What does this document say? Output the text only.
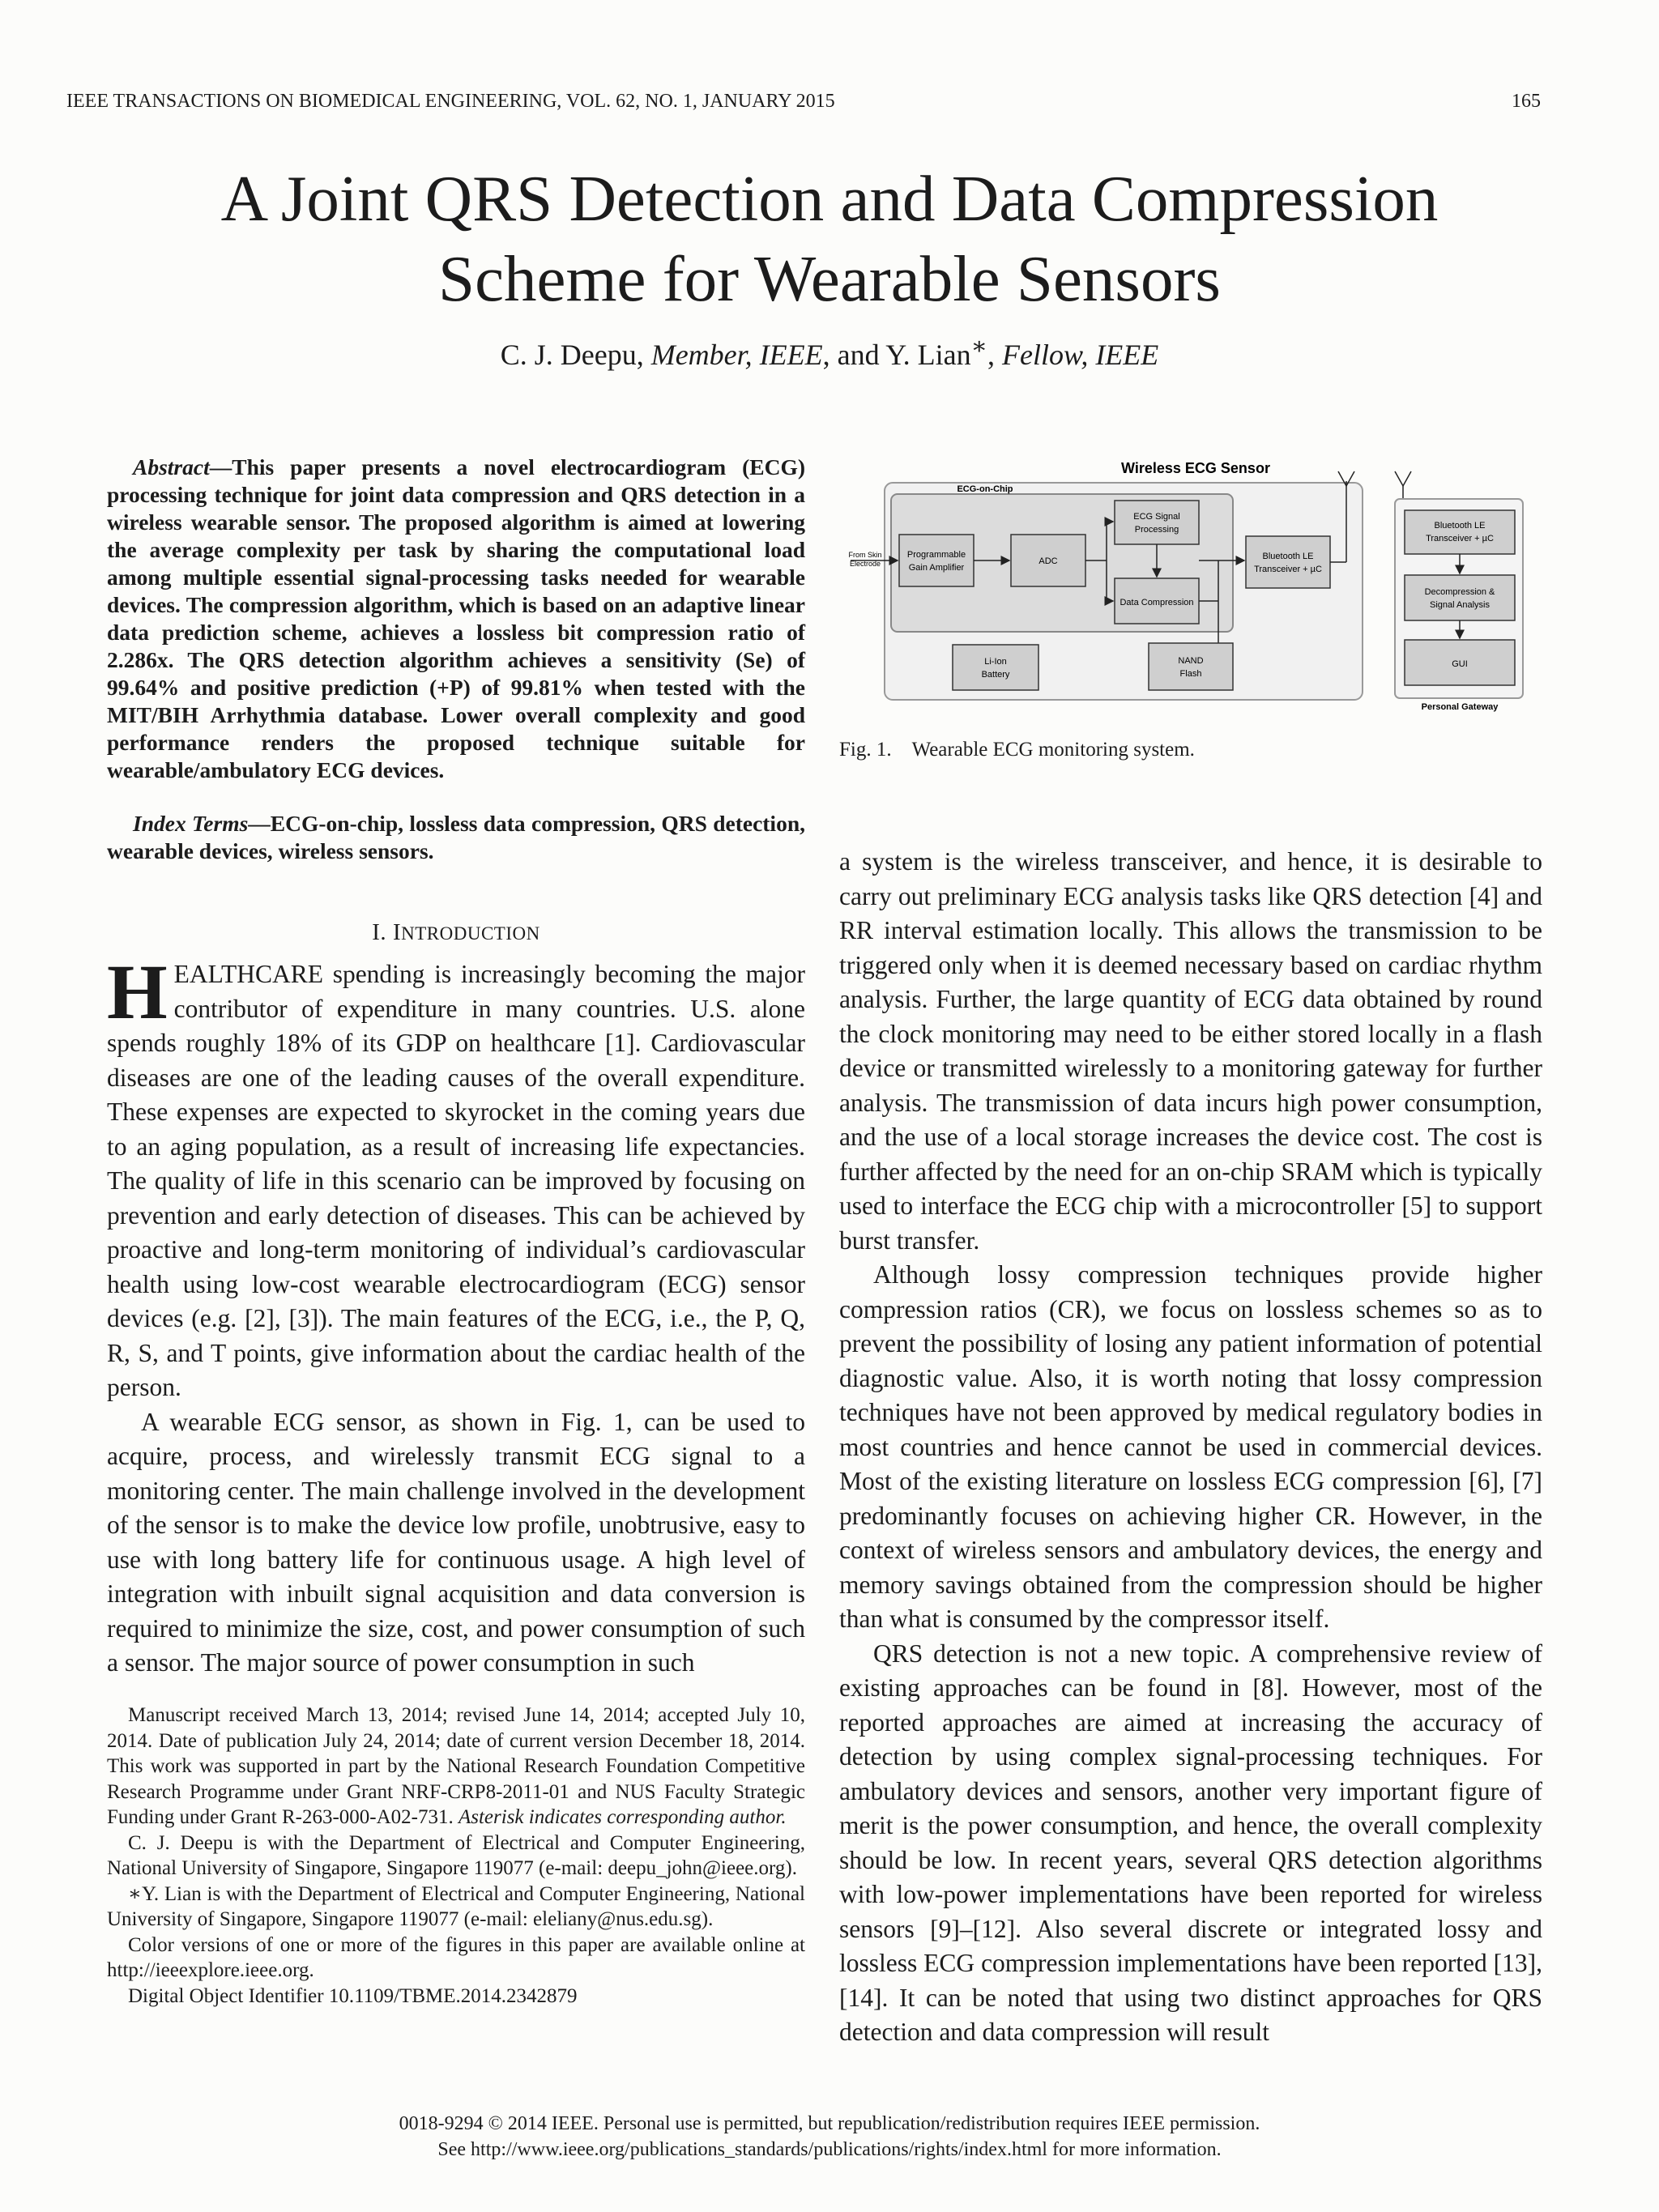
IEEE TRANSACTIONS ON BIOMEDICAL ENGINEERING, VOL. 62, NO. 1, JANUARY 2015	165
A Joint QRS Detection and Data Compression
Scheme for Wearable Sensors
C. J. Deepu, Member, IEEE, and Y. Lian∗, Fellow, IEEE

Abstract—This paper presents a novel electrocardiogram (ECG) processing technique for joint data compression and QRS detection in a wireless wearable sensor. The proposed algorithm is aimed at lowering the average complexity per task by sharing the computational load among multiple essential signal-processing tasks needed for wearable devices. The compression algorithm, which is based on an adaptive linear data prediction scheme, achieves a lossless bit compression ratio of 2.286x. The QRS detection algorithm achieves a sensitivity (Se) of 99.64% and positive prediction (+P) of 99.81% when tested with the MIT/BIH Arrhythmia database. Lower overall complexity and good performance renders the proposed technique suitable for wearable/ambulatory ECG devices.

Index Terms—ECG-on-chip, lossless data compression, QRS detection, wearable devices, wireless sensors.
I. INTRODUCTION

HEALTHCARE spending is increasingly becoming the major contributor of expenditure in many countries. U.S. alone spends roughly 18% of its GDP on healthcare [1]. Cardiovascular diseases are one of the leading causes of the overall expenditure. These expenses are expected to skyrocket in the coming years due to an aging population, as a result of increasing life expectancies. The quality of life in this scenario can be improved by focusing on prevention and early detection of diseases. This can be achieved by proactive and long-term monitoring of individual’s cardiovascular health using low-cost wearable electrocardiogram (ECG) sensor devices (e.g. [2], [3]). The main features of the ECG, i.e., the P, Q, R, S, and T points, give information about the cardiac health of the person.

A wearable ECG sensor, as shown in Fig. 1, can be used to acquire, process, and wirelessly transmit ECG signal to a monitoring center. The main challenge involved in the development of the sensor is to make the device low profile, unobtrusive, easy to use with long battery life for continuous usage. A high level of integration with inbuilt signal acquisition and data conversion is required to minimize the size, cost, and power consumption of such a sensor. The major source of power consumption in such

Manuscript received March 13, 2014; revised June 14, 2014; accepted July 10, 2014. Date of publication July 24, 2014; date of current version December 18, 2014. This work was supported in part by the National Research Foundation Competitive Research Programme under Grant NRF-CRP8-2011-01 and NUS Faculty Strategic Funding under Grant R-263-000-A02-731. Asterisk indicates corresponding author.

C. J. Deepu is with the Department of Electrical and Computer Engineering, National University of Singapore, Singapore 119077 (e-mail: deepu_john@ieee.org).

∗Y. Lian is with the Department of Electrical and Computer Engineering, National University of Singapore, Singapore 119077 (e-mail: eleliany@nus.edu.sg).

Color versions of one or more of the figures in this paper are available online at http://ieeexplore.ieee.org.

Digital Object Identifier 10.1109/TBME.2014.2342879

Wireless ECG Sensor
ECG-on-Chip
From Skin
Electrode
Programmable
Gain Amplifier
ADC
ECG Signal
Processing
Data Compression
Bluetooth LE
Transceiver + µC
Li-Ion
Battery
NAND
Flash
Bluetooth LE
Transceiver + µC
Decompression &
Signal Analysis
GUI
Personal Gateway
Fig. 1. Wearable ECG monitoring system.

a system is the wireless transceiver, and hence, it is desirable to carry out preliminary ECG analysis tasks like QRS detection [4] and RR interval estimation locally. This allows the transmission to be triggered only when it is deemed necessary based on cardiac rhythm analysis. Further, the large quantity of ECG data obtained by round the clock monitoring may need to be either stored locally in a flash device or transmitted wirelessly to a monitoring gateway for further analysis. The transmission of data incurs high power consumption, and the use of a local storage increases the device cost. The cost is further affected by the need for an on-chip SRAM which is typically used to interface the ECG chip with a microcontroller [5] to support burst transfer.

Although lossy compression techniques provide higher compression ratios (CR), we focus on lossless schemes so as to prevent the possibility of losing any patient information of potential diagnostic value. Also, it is worth noting that lossy compression techniques have not been approved by medical regulatory bodies in most countries and hence cannot be used in commercial devices. Most of the existing literature on lossless ECG compression [6], [7] predominantly focuses on achieving higher CR. However, in the context of wireless sensors and ambulatory devices, the energy and memory savings obtained from the compression should be higher than what is consumed by the compressor itself.

QRS detection is not a new topic. A comprehensive review of existing approaches can be found in [8]. However, most of the reported approaches are aimed at increasing the accuracy of detection by using complex signal-processing techniques. For ambulatory devices and sensors, another very important figure of merit is the power consumption, and hence, the overall complexity should be low. In recent years, several QRS detection algorithms with low-power implementations have been reported for wireless sensors [9]–[12]. Also several discrete or integrated lossy and lossless ECG compression implementations have been reported [13], [14]. It can be noted that using two distinct approaches for QRS detection and data compression will result

0018-9294 © 2014 IEEE. Personal use is permitted, but republication/redistribution requires IEEE permission.
See http://www.ieee.org/publications_standards/publications/rights/index.html for more information.
